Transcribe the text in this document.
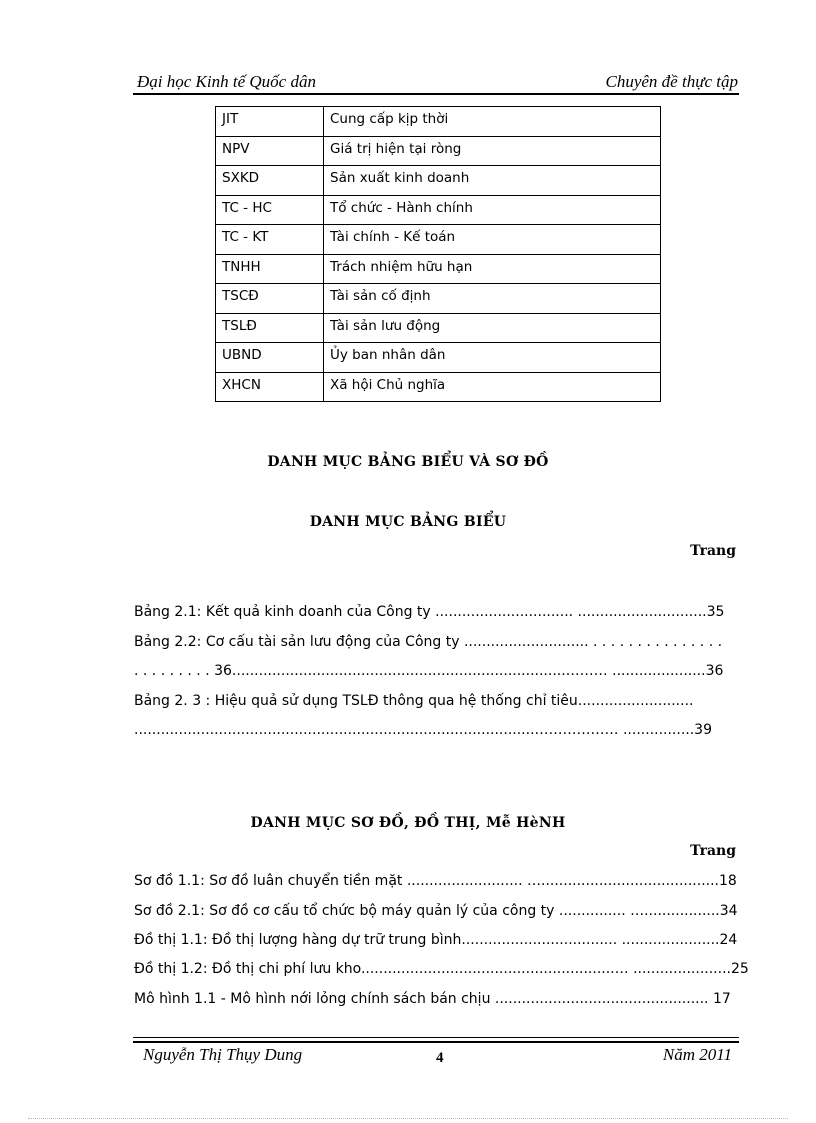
Đại học Kinh tế Quốc dân	Chuyên đề thực tập
JIT	Cung cấp kịp thời
NPV	Giá trị hiện tại ròng
SXKD	Sản xuất kinh doanh
TC - HC	Tổ chức - Hành chính
TC - KT	Tài chính - Kế toán
TNHH	Trách nhiệm hữu hạn
TSCĐ	Tài sản cố định
TSLĐ	Tài sản lưu động
UBND	Ủy ban nhân dân
XHCN	Xã hội Chủ nghĩa
DANH MỤC BẢNG BIỂU VÀ SƠ ĐỒ
DANH MỤC BẢNG BIỂU
Trang
Bảng 2.1: Kết quả kinh doanh của Công ty ............................... .............................35
Bảng 2.2: Cơ cấu tài sản lưu động của Công ty ............................ . . . . . . . . . . . . . . .
. . . . . . . . . 36...........................................................................……… .....................36
Bảng 2. 3 : Hiệu quả sử dụng TSLĐ thông qua hệ thống chỉ tiêu..........................
..........................................................................................……………… ................39
DANH MỤC SƠ ĐỒ, ĐỒ THỊ, Mễ HèNH
Trang
Sơ đồ 1.1: Sơ đồ luân chuyển tiền mặt .......................... …........................................18
Sơ đồ 2.1: Sơ đồ cơ cấu tổ chức bộ máy quản lý của công ty ............... ….................34
Đồ thị 1.1: Đồ thị lượng hàng dự trữ trung bình................................... ......................24
Đồ thị 1.2: Đồ thị chi phí lưu kho.........................................................… ......................25
Mô hình 1.1 - Mô hình nới lỏng chính sách bán chịu ................................................ 17
Nguyễn Thị Thụy Dung	4	Năm 2011
